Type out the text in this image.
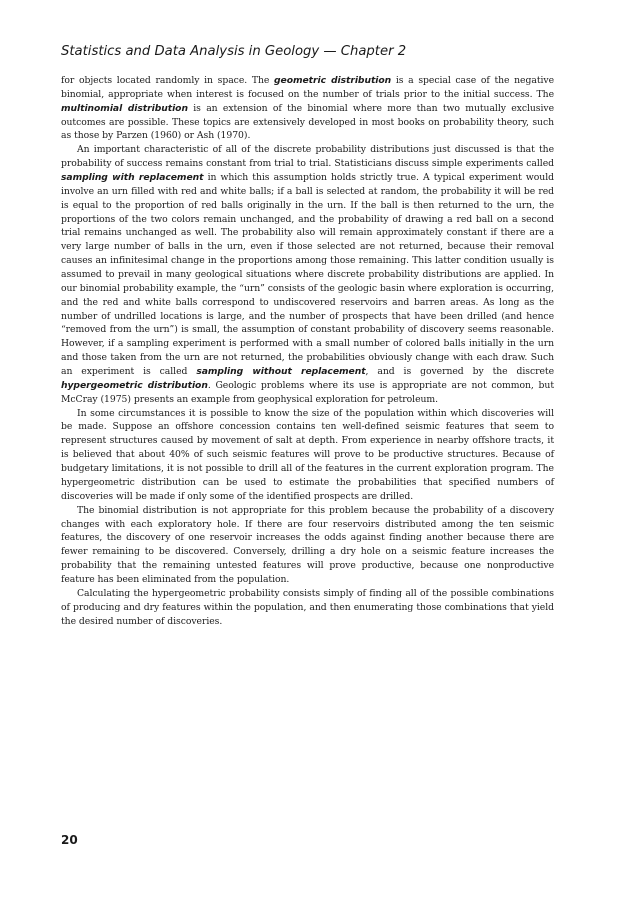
Statistics and Data Analysis in Geology — Chapter 2

for objects located randomly in space. The geometric distribution is a special case of the negative binomial, appropriate when interest is focused on the number of trials prior to the initial success. The multinomial distribution is an extension of the binomial where more than two mutually exclusive outcomes are possible. These topics are extensively developed in most books on probability theory, such as those by Parzen (1960) or Ash (1970).

An important characteristic of all of the discrete probability distributions just discussed is that the probability of success remains constant from trial to trial. Statisticians discuss simple experiments called sampling with replacement in which this assumption holds strictly true. A typical experiment would involve an urn filled with red and white balls; if a ball is selected at random, the probability it will be red is equal to the proportion of red balls originally in the urn. If the ball is then returned to the urn, the proportions of the two colors remain unchanged, and the probability of drawing a red ball on a second trial remains unchanged as well. The probability also will remain approximately constant if there are a very large number of balls in the urn, even if those selected are not returned, because their removal causes an infinitesimal change in the proportions among those remaining. This latter condition usually is assumed to prevail in many geological situations where discrete probability distributions are applied. In our binomial probability example, the “urn” consists of the geologic basin where exploration is occurring, and the red and white balls correspond to undiscovered reservoirs and barren areas. As long as the number of undrilled locations is large, and the number of prospects that have been drilled (and hence “removed from the urn”) is small, the assumption of constant probability of discovery seems reasonable. However, if a sampling experiment is performed with a small number of colored balls initially in the urn and those taken from the urn are not returned, the probabilities obviously change with each draw. Such an experiment is called sampling without replacement, and is governed by the discrete hypergeometric distribution. Geologic problems where its use is appropriate are not common, but McCray (1975) presents an example from geophysical exploration for petroleum.

In some circumstances it is possible to know the size of the population within which discoveries will be made. Suppose an offshore concession contains ten well-defined seismic features that seem to represent structures caused by movement of salt at depth. From experience in nearby offshore tracts, it is believed that about 40% of such seismic features will prove to be productive structures. Because of budgetary limitations, it is not possible to drill all of the features in the current exploration program. The hypergeometric distribution can be used to estimate the probabilities that specified numbers of discoveries will be made if only some of the identified prospects are drilled.

The binomial distribution is not appropriate for this problem because the probability of a discovery changes with each exploratory hole. If there are four reservoirs distributed among the ten seismic features, the discovery of one reservoir increases the odds against finding another because there are fewer remaining to be discovered. Conversely, drilling a dry hole on a seismic feature increases the probability that the remaining untested features will prove productive, because one nonproductive feature has been eliminated from the population.

Calculating the hypergeometric probability consists simply of finding all of the possible combinations of producing and dry features within the population, and then enumerating those combinations that yield the desired number of discoveries.

20
